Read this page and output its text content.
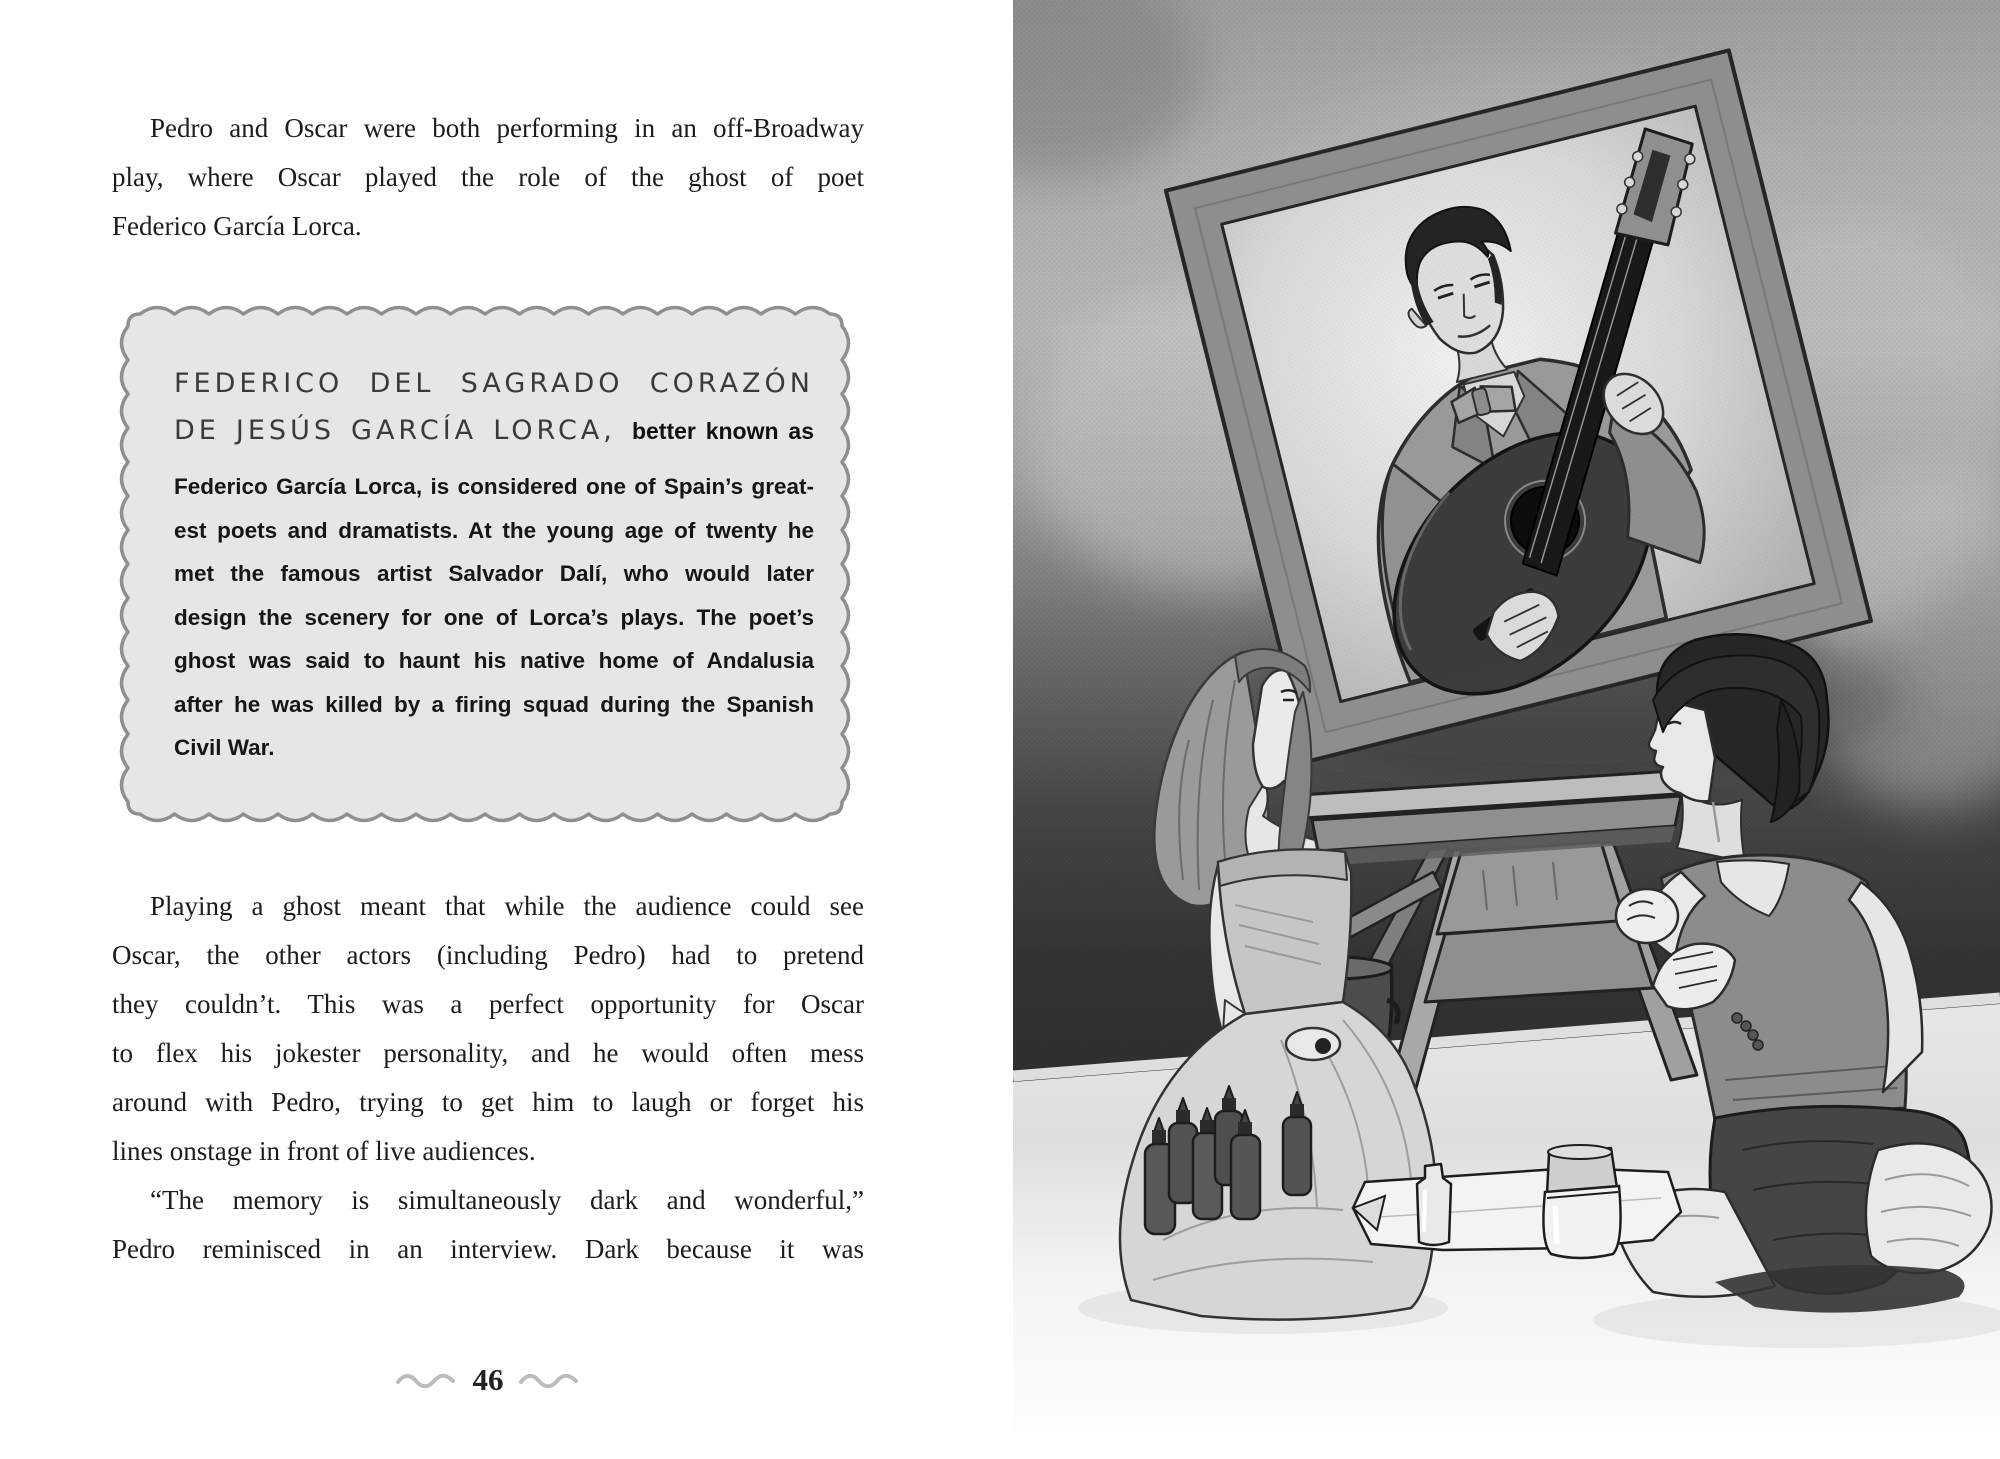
Pedro and Oscar were both performing in an off-Broadway
play, where Oscar played the role of the ghost of poet
Federico García Lorca.
FEDERICO DEL SAGRADO CORAZÓN
DE JESÚS GARCÍA LORCA, better known as
Federico García Lorca, is considered one of Spain’s great-
est poets and dramatists. At the young age of twenty he
met the famous artist Salvador Dalí, who would later
design the scenery for one of Lorca’s plays. The poet’s
ghost was said to haunt his native home of Andalusia
after he was killed by a firing squad during the Spanish
Civil War.
Playing a ghost meant that while the audience could see
Oscar, the other actors (including Pedro) had to pretend
they couldn’t. This was a perfect opportunity for Oscar
to flex his jokester personality, and he would often mess
around with Pedro, trying to get him to laugh or forget his
lines onstage in front of live audiences.
“The memory is simultaneously dark and wonderful,”
Pedro reminisced in an interview. Dark because it was
46
